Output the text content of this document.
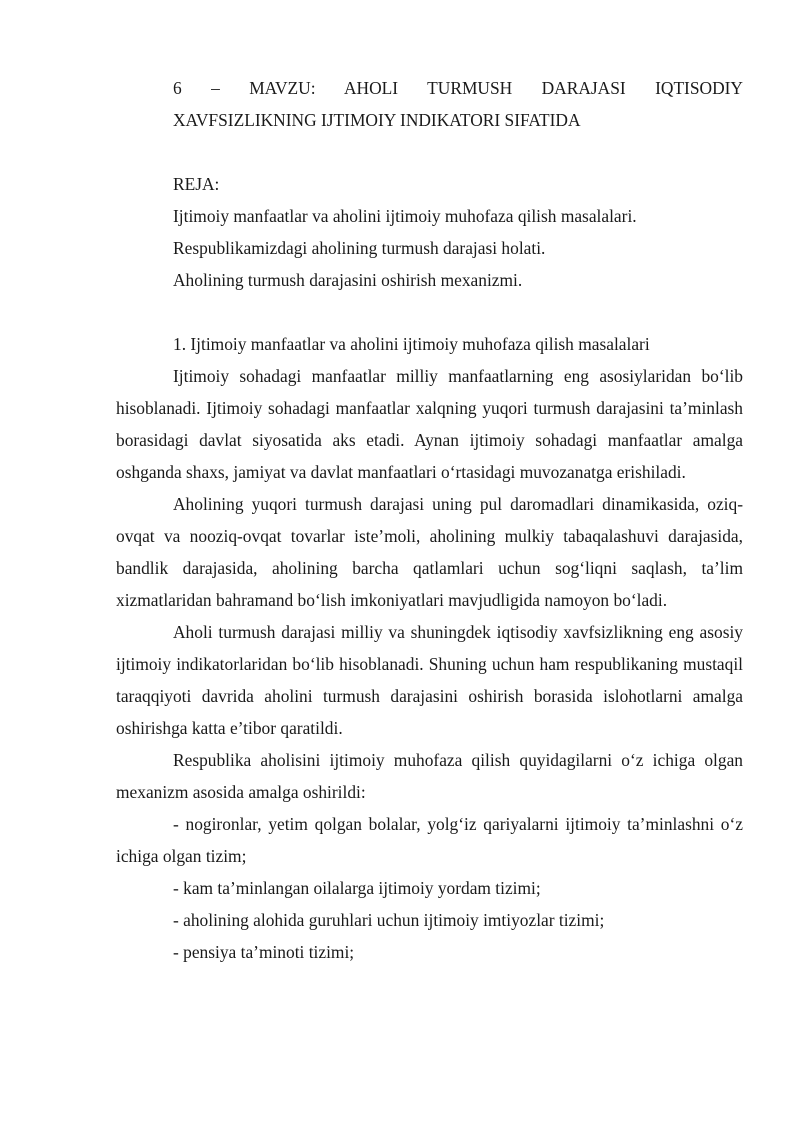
6 – MAVZU: AHOLI TURMUSH DARAJASI IQTISODIY
XAVFSIZLIKNING IJTIMOIY INDIKATORI SIFATIDA

REJA:

Ijtimoiy manfaatlar va aholini ijtimoiy muhofaza qilish masalalari.

Respublikamizdagi aholining turmush darajasi holati.

Aholining turmush darajasini oshirish mexanizmi.

1. Ijtimoiy manfaatlar va aholini ijtimoiy muhofaza qilish masalalari

Ijtimoiy sohadagi manfaatlar milliy manfaatlarning eng asosiylaridan bo‘lib hisoblanadi. Ijtimoiy sohadagi manfaatlar xalqning yuqori turmush darajasini ta’minlash borasidagi davlat siyosatida aks etadi. Aynan ijtimoiy sohadagi manfaatlar amalga oshganda shaxs, jamiyat va davlat manfaatlari o‘rtasidagi muvozanatga erishiladi.

Aholining yuqori turmush darajasi uning pul daromadlari dinamikasida, oziq-ovqat va nooziq-ovqat tovarlar iste’moli, aholining mulkiy tabaqalashuvi darajasida, bandlik darajasida, aholining barcha qatlamlari uchun sog‘liqni saqlash, ta’lim xizmatlaridan bahramand bo‘lish imkoniyatlari mavjudligida namoyon bo‘ladi.

Aholi turmush darajasi milliy va shuningdek iqtisodiy xavfsizlikning eng asosiy ijtimoiy indikatorlaridan bo‘lib hisoblanadi. Shuning uchun ham respublikaning mustaqil taraqqiyoti davrida aholini turmush darajasini oshirish borasida islohotlarni amalga oshirishga katta e’tibor qaratildi.

Respublika aholisini ijtimoiy muhofaza qilish quyidagilarni o‘z ichiga olgan mexanizm asosida amalga oshirildi:

- nogironlar, yetim qolgan bolalar, yolg‘iz qariyalarni ijtimoiy ta’minlashni o‘z ichiga olgan tizim;

- kam ta’minlangan oilalarga ijtimoiy yordam tizimi;

- aholining alohida guruhlari uchun ijtimoiy imtiyozlar tizimi;

- pensiya ta’minoti tizimi;
